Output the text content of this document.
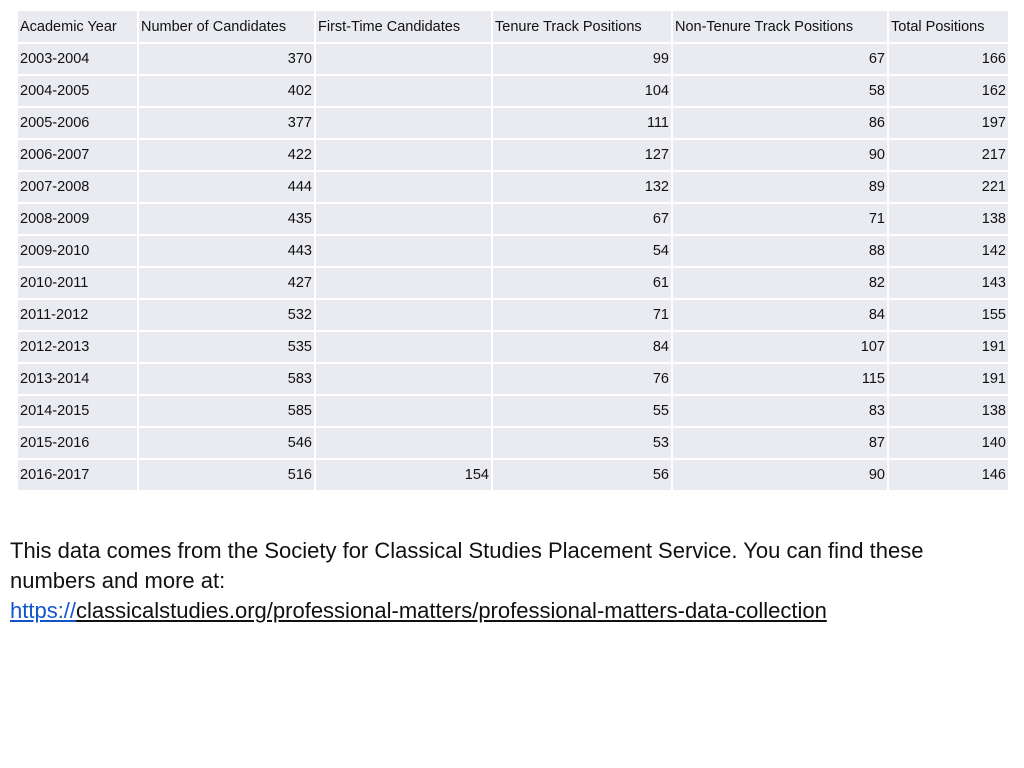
Academic Year	Number of Candidates	First-Time Candidates	Tenure Track Positions	Non-Tenure Track Positions	Total Positions
2003-2004	370		99	67	166
2004-2005	402		104	58	162
2005-2006	377		111	86	197
2006-2007	422		127	90	217
2007-2008	444		132	89	221
2008-2009	435		67	71	138
2009-2010	443		54	88	142
2010-2011	427		61	82	143
2011-2012	532		71	84	155
2012-2013	535		84	107	191
2013-2014	583		76	115	191
2014-2015	585		55	83	138
2015-2016	546		53	87	140
2016-2017	516	154	56	90	146

This data comes from the Society for Classical Studies Placement Service. You can find these numbers and more at:

https://classicalstudies.org/professional-matters/professional-matters-data-collection
